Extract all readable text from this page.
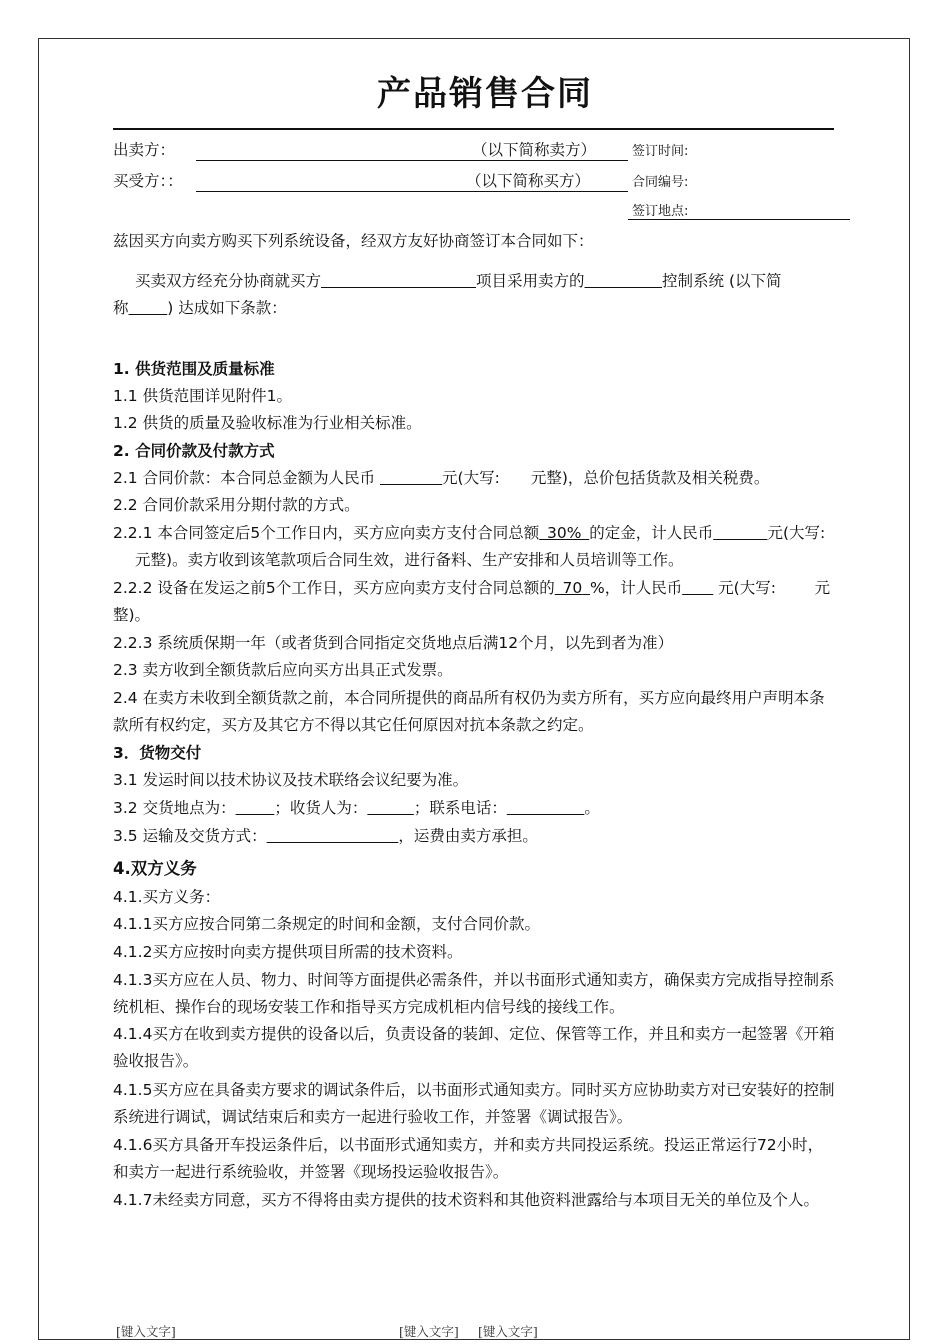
产品销售合同
出卖方：	（以下简称卖方）	签订时间:
买受方：：	（以下简称买方）	合同编号:
签订地点:
兹因买方向卖方购买下列系统设备，经双方友好协商签订本合同如下：
买卖双方经充分协商就买方                    	项目采用卖方的          	控制系统 (以下简称     	) 达成如下条款：
1. 供货范围及质量标准
1.1 供货范围详见附件1。
1.2 供货的质量及验收标准为行业相关标准。
2. 合同价款及付款方式
2.1 合同价款：本合同总金额为人民币         	元(大写:     元整)，总价包括货款及相关税费。
2.2 合同价款采用分期付款的方式。
2.2.1 本合同签定后5个工作日内，买方应向卖方支付合同总额  30%  的定金，计人民币       	元(大写:
元整)。卖方收到该笔款项后合同生效，进行备料、生产安排和人员培训等工作。
2.2.2 设备在发运之前5个工作日，买方应向卖方支付合同总额的  70  %，计人民币     元(大写:     	元整)。
2.2.3 系统质保期一年（或者货到合同指定交货地点后满12个月，以先到者为准）
2.3 卖方收到全额货款后应向买方出具正式发票。
2.4 在卖方未收到全额货款之前，本合同所提供的商品所有权仍为卖方所有，买方应向最终用户声明本条款所有权约定，买方及其它方不得以其它任何原因对抗本条款之约定。
3．货物交付
3.1 发运时间以技术协议及技术联络会议纪要为准。
3.2 交货地点为：     	；收货人为：      	；联系电话：          	。
3.5 运输及交货方式：                 	，运费由卖方承担。
4.双方义务
4.1.买方义务：
4.1.1买方应按合同第二条规定的时间和金额，支付合同价款。
4.1.2买方应按时向卖方提供项目所需的技术资料。
4.1.3买方应在人员、物力、时间等方面提供必需条件，并以书面形式通知卖方，确保卖方完成指导控制系统机柜、操作台的现场安装工作和指导买方完成机柜内信号线的接线工作。
4.1.4买方在收到卖方提供的设备以后，负责设备的装卸、定位、保管等工作，并且和卖方一起签署《开箱验收报告》。
4.1.5买方应在具备卖方要求的调试条件后，以书面形式通知卖方。同时买方应协助卖方对已安装好的控制系统进行调试，调试结束后和卖方一起进行验收工作，并签署《调试报告》。
4.1.6买方具备开车投运条件后，以书面形式通知卖方，并和卖方共同投运系统。投运正常运行72小时，和卖方一起进行系统验收，并签署《现场投运验收报告》。
4.1.7未经卖方同意，买方不得将由卖方提供的技术资料和其他资料泄露给与本项目无关的单位及个人。
[键入文字]	[键入文字] [键入文字]
